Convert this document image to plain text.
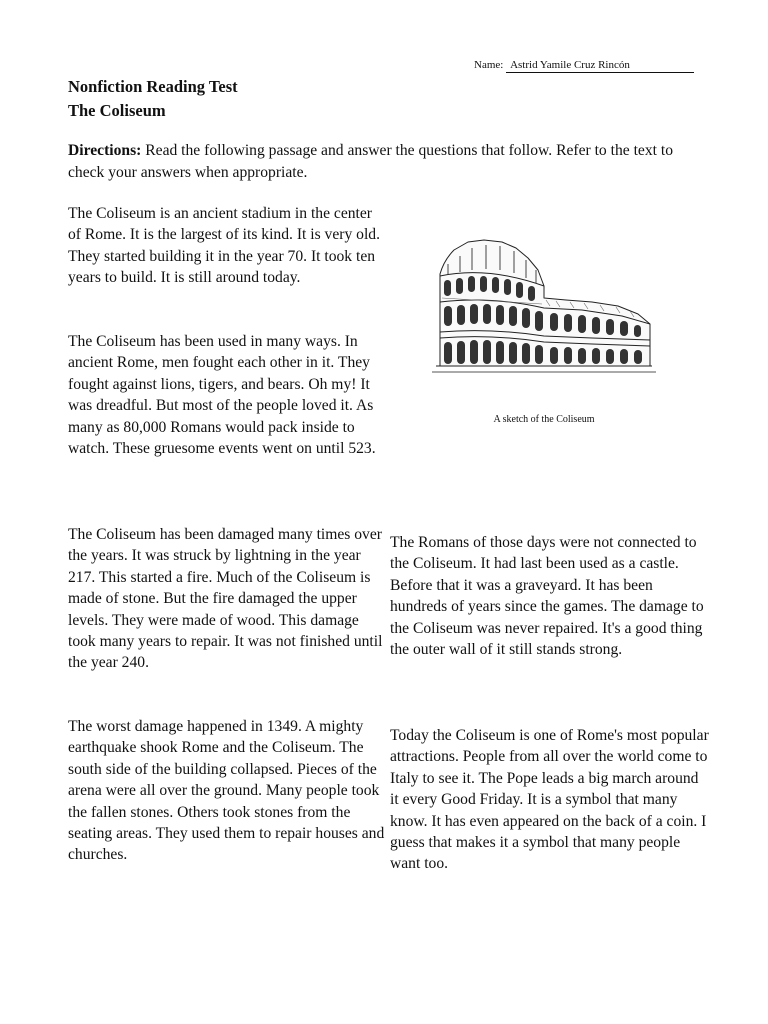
Name: Astrid Yamile Cruz Rincón
Nonfiction Reading Test
The Coliseum

Directions: Read the following passage and answer the questions that follow. Refer to the text to check your answers when appropriate.

The Coliseum is an ancient stadium in the center of Rome. It is the largest of its kind. It is very old. They started building it in the year 70. It took ten years to build. It is still around today.

The Coliseum has been used in many ways. In ancient Rome, men fought each other in it. They fought against lions, tigers, and bears. Oh my! It was dreadful. But most of the people loved it. As many as 80,000 Romans would pack inside to watch. These gruesome events went on until 523.

The Coliseum has been damaged many times over the years. It was struck by lightning in the year 217. This started a fire. Much of the Coliseum is made of stone. But the fire damaged the upper levels. They were made of wood. This damage took many years to repair. It was not finished until the year 240.

The worst damage happened in 1349. A mighty earthquake shook Rome and the Coliseum. The south side of the building collapsed. Pieces of the arena were all over the ground. Many people took the fallen stones. Others took stones from the seating areas. They used them to repair houses and churches.

The Romans of those days were not connected to the Coliseum. It had last been used as a castle. Before that it was a graveyard. It has been hundreds of years since the games. The damage to the Coliseum was never repaired. It's a good thing the outer wall of it still stands strong.

Today the Coliseum is one of Rome's most popular attractions. People from all over the world come to Italy to see it. The Pope leads a big march around it every Good Friday. It is a symbol that many know. It has even appeared on the back of a coin. I guess that makes it a symbol that many people want too.

A sketch of the Coliseum
